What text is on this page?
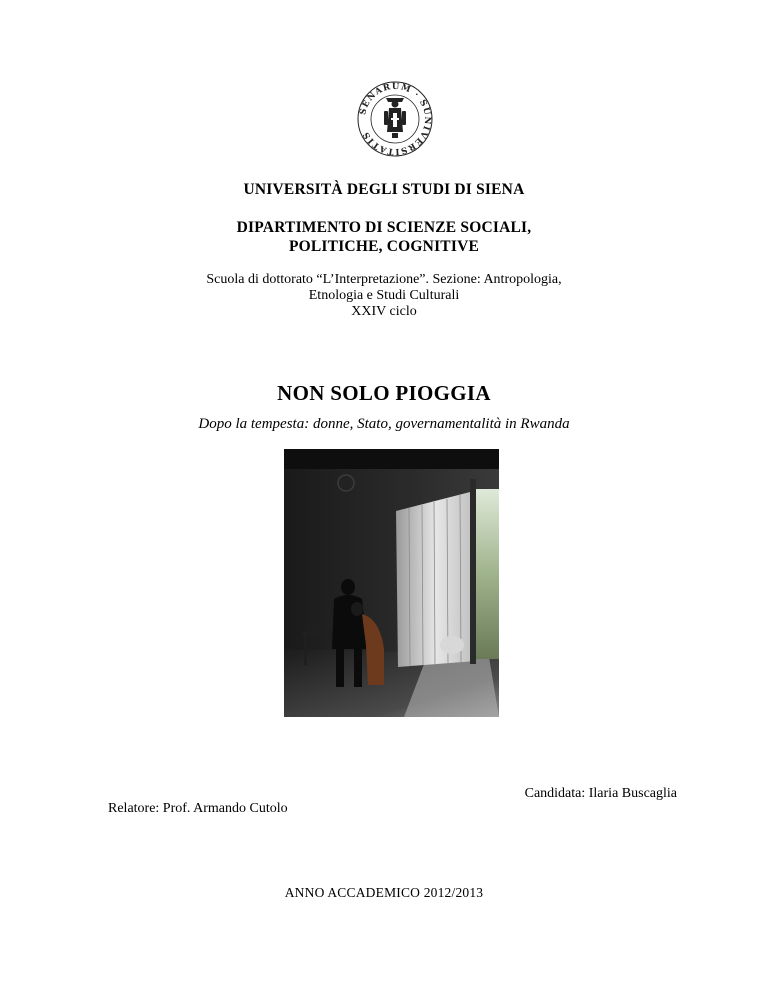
SENARUM · SUNIVERSITATIS
UNIVERSITÀ DEGLI STUDI DI SIENA
DIPARTIMENTO DI SCIENZE SOCIALI,
POLITICHE, COGNITIVE
Scuola di dottorato “L’Interpretazione”. Sezione: Antropologia,
Etnologia e Studi Culturali
XXIV ciclo
NON SOLO PIOGGIA
Dopo la tempesta: donne, Stato, governamentalità in Rwanda
Candidata: Ilaria Buscaglia
Relatore: Prof. Armando Cutolo
ANNO ACCADEMICO 2012/2013
